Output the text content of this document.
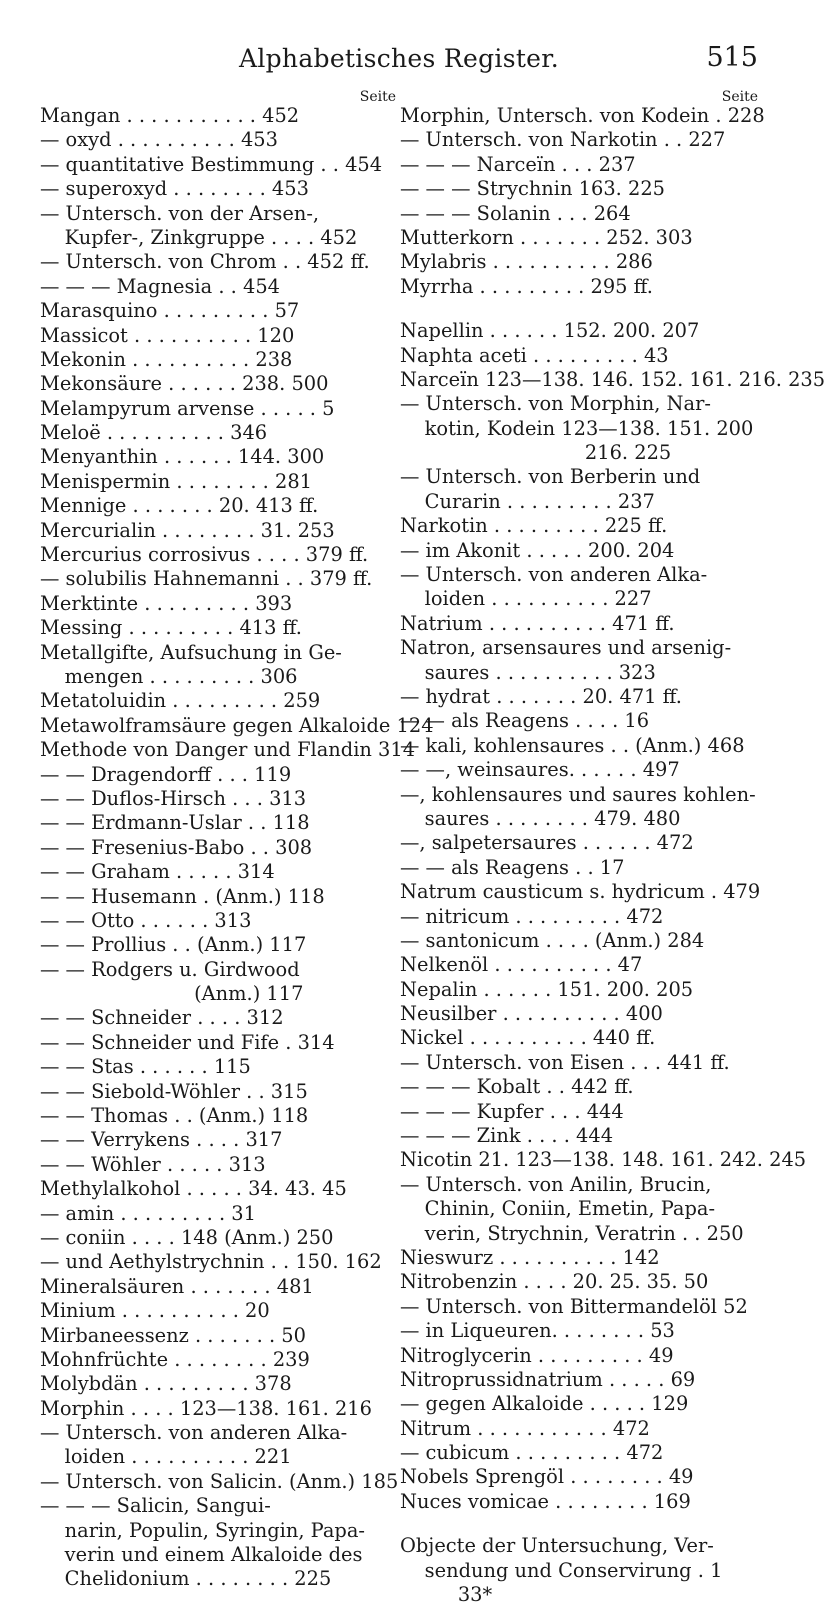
Alphabetisches Register.	515
Seite
Mangan . . . . . . . . . . . 452
— oxyd . . . . . . . . . . 453
— quantitative Bestimmung . . 454
— superoxyd . . . . . . . . 453
— Untersch. von der Arsen-,
Kupfer-, Zinkgruppe . . . . 452
— Untersch. von Chrom . . 452 ff.
— — — Magnesia . . 454
Marasquino . . . . . . . . . 57
Massicot . . . . . . . . . . 120
Mekonin . . . . . . . . . . 238
Mekonsäure . . . . . . 238. 500
Melampyrum arvense . . . . . 5
Meloë . . . . . . . . . . 346
Menyanthin . . . . . . 144. 300
Menispermin . . . . . . . . 281
Mennige . . . . . . . 20. 413 ff.
Mercurialin . . . . . . . . 31. 253
Mercurius corrosivus . . . . 379 ff.
— solubilis Hahnemanni . . 379 ff.
Merktinte . . . . . . . . . 393
Messing . . . . . . . . . 413 ff.
Metallgifte, Aufsuchung in Ge-
mengen . . . . . . . . . 306
Metatoluidin . . . . . . . . . 259
Metawolframsäure gegen Alkaloide 124
Methode von Danger und Flandin 314
— — Dragendorff . . . 119
— — Duflos-Hirsch . . . 313
— — Erdmann-Uslar . . 118
— — Fresenius-Babo . . 308
— — Graham . . . . . 314
— — Husemann . (Anm.) 118
— — Otto . . . . . . 313
— — Prollius . . (Anm.) 117
— — Rodgers u. Girdwood
(Anm.) 117
— — Schneider . . . . 312
— — Schneider und Fife . 314
— — Stas . . . . . . 115
— — Siebold-Wöhler . . 315
— — Thomas . . (Anm.) 118
— — Verrykens . . . . 317
— — Wöhler . . . . . 313
Methylalkohol . . . . . 34. 43. 45
— amin . . . . . . . . . 31
— coniin . . . . 148 (Anm.) 250
— und Aethylstrychnin . . 150. 162
Mineralsäuren . . . . . . . 481
Minium . . . . . . . . . . 20
Mirbaneessenz . . . . . . . 50
Mohnfrüchte . . . . . . . . 239
Molybdän . . . . . . . . . 378
Morphin . . . . 123—138. 161. 216
— Untersch. von anderen Alka-
loiden . . . . . . . . . . 221
— Untersch. von Salicin. (Anm.) 185
— — — Salicin, Sangui-
narin, Populin, Syringin, Papa-
verin und einem Alkaloide des
Chelidonium . . . . . . . . 225
Seite
Morphin, Untersch. von Kodein . 228
— Untersch. von Narkotin . . 227
— — — Narceïn . . . 237
— — — Strychnin 163. 225
— — — Solanin . . . 264
Mutterkorn . . . . . . . 252. 303
Mylabris . . . . . . . . . . 286
Myrrha . . . . . . . . . 295 ff.
Napellin . . . . . . 152. 200. 207
Naphta aceti . . . . . . . . . 43
Narceïn 123—138. 146. 152. 161. 216. 235
— Untersch. von Morphin, Nar-
kotin, Kodein 123—138. 151. 200
216. 225
— Untersch. von Berberin und
Curarin . . . . . . . . . 237
Narkotin . . . . . . . . . 225 ff.
— im Akonit . . . . . 200. 204
— Untersch. von anderen Alka-
loiden . . . . . . . . . . 227
Natrium . . . . . . . . . . 471 ff.
Natron, arsensaures und arsenig-
saures . . . . . . . . . . 323
— hydrat . . . . . . . 20. 471 ff.
— — als Reagens . . . . 16
— kali, kohlensaures . . (Anm.) 468
— —, weinsaures. . . . . . 497
—, kohlensaures und saures kohlen-
saures . . . . . . . . 479. 480
—, salpetersaures . . . . . . 472
— — als Reagens . . 17
Natrum causticum s. hydricum . 479
— nitricum . . . . . . . . . 472
— santonicum . . . . (Anm.) 284
Nelkenöl . . . . . . . . . . 47
Nepalin . . . . . . 151. 200. 205
Neusilber . . . . . . . . . . 400
Nickel . . . . . . . . . . 440 ff.
— Untersch. von Eisen . . . 441 ff.
— — — Kobalt . . 442 ff.
— — — Kupfer . . . 444
— — — Zink . . . . 444
Nicotin 21. 123—138. 148. 161. 242. 245
— Untersch. von Anilin, Brucin,
Chinin, Coniin, Emetin, Papa-
verin, Strychnin, Veratrin . . 250
Nieswurz . . . . . . . . . . 142
Nitrobenzin . . . . 20. 25. 35. 50
— Untersch. von Bittermandelöl 52
— in Liqueuren. . . . . . . . 53
Nitroglycerin . . . . . . . . . 49
Nitroprussidnatrium . . . . . 69
— gegen Alkaloide . . . . . 129
Nitrum . . . . . . . . . . . 472
— cubicum . . . . . . . . . 472
Nobels Sprengöl . . . . . . . . 49
Nuces vomicae . . . . . . . . 169
Objecte der Untersuchung, Ver-
sendung und Conservirung . 1
33*
